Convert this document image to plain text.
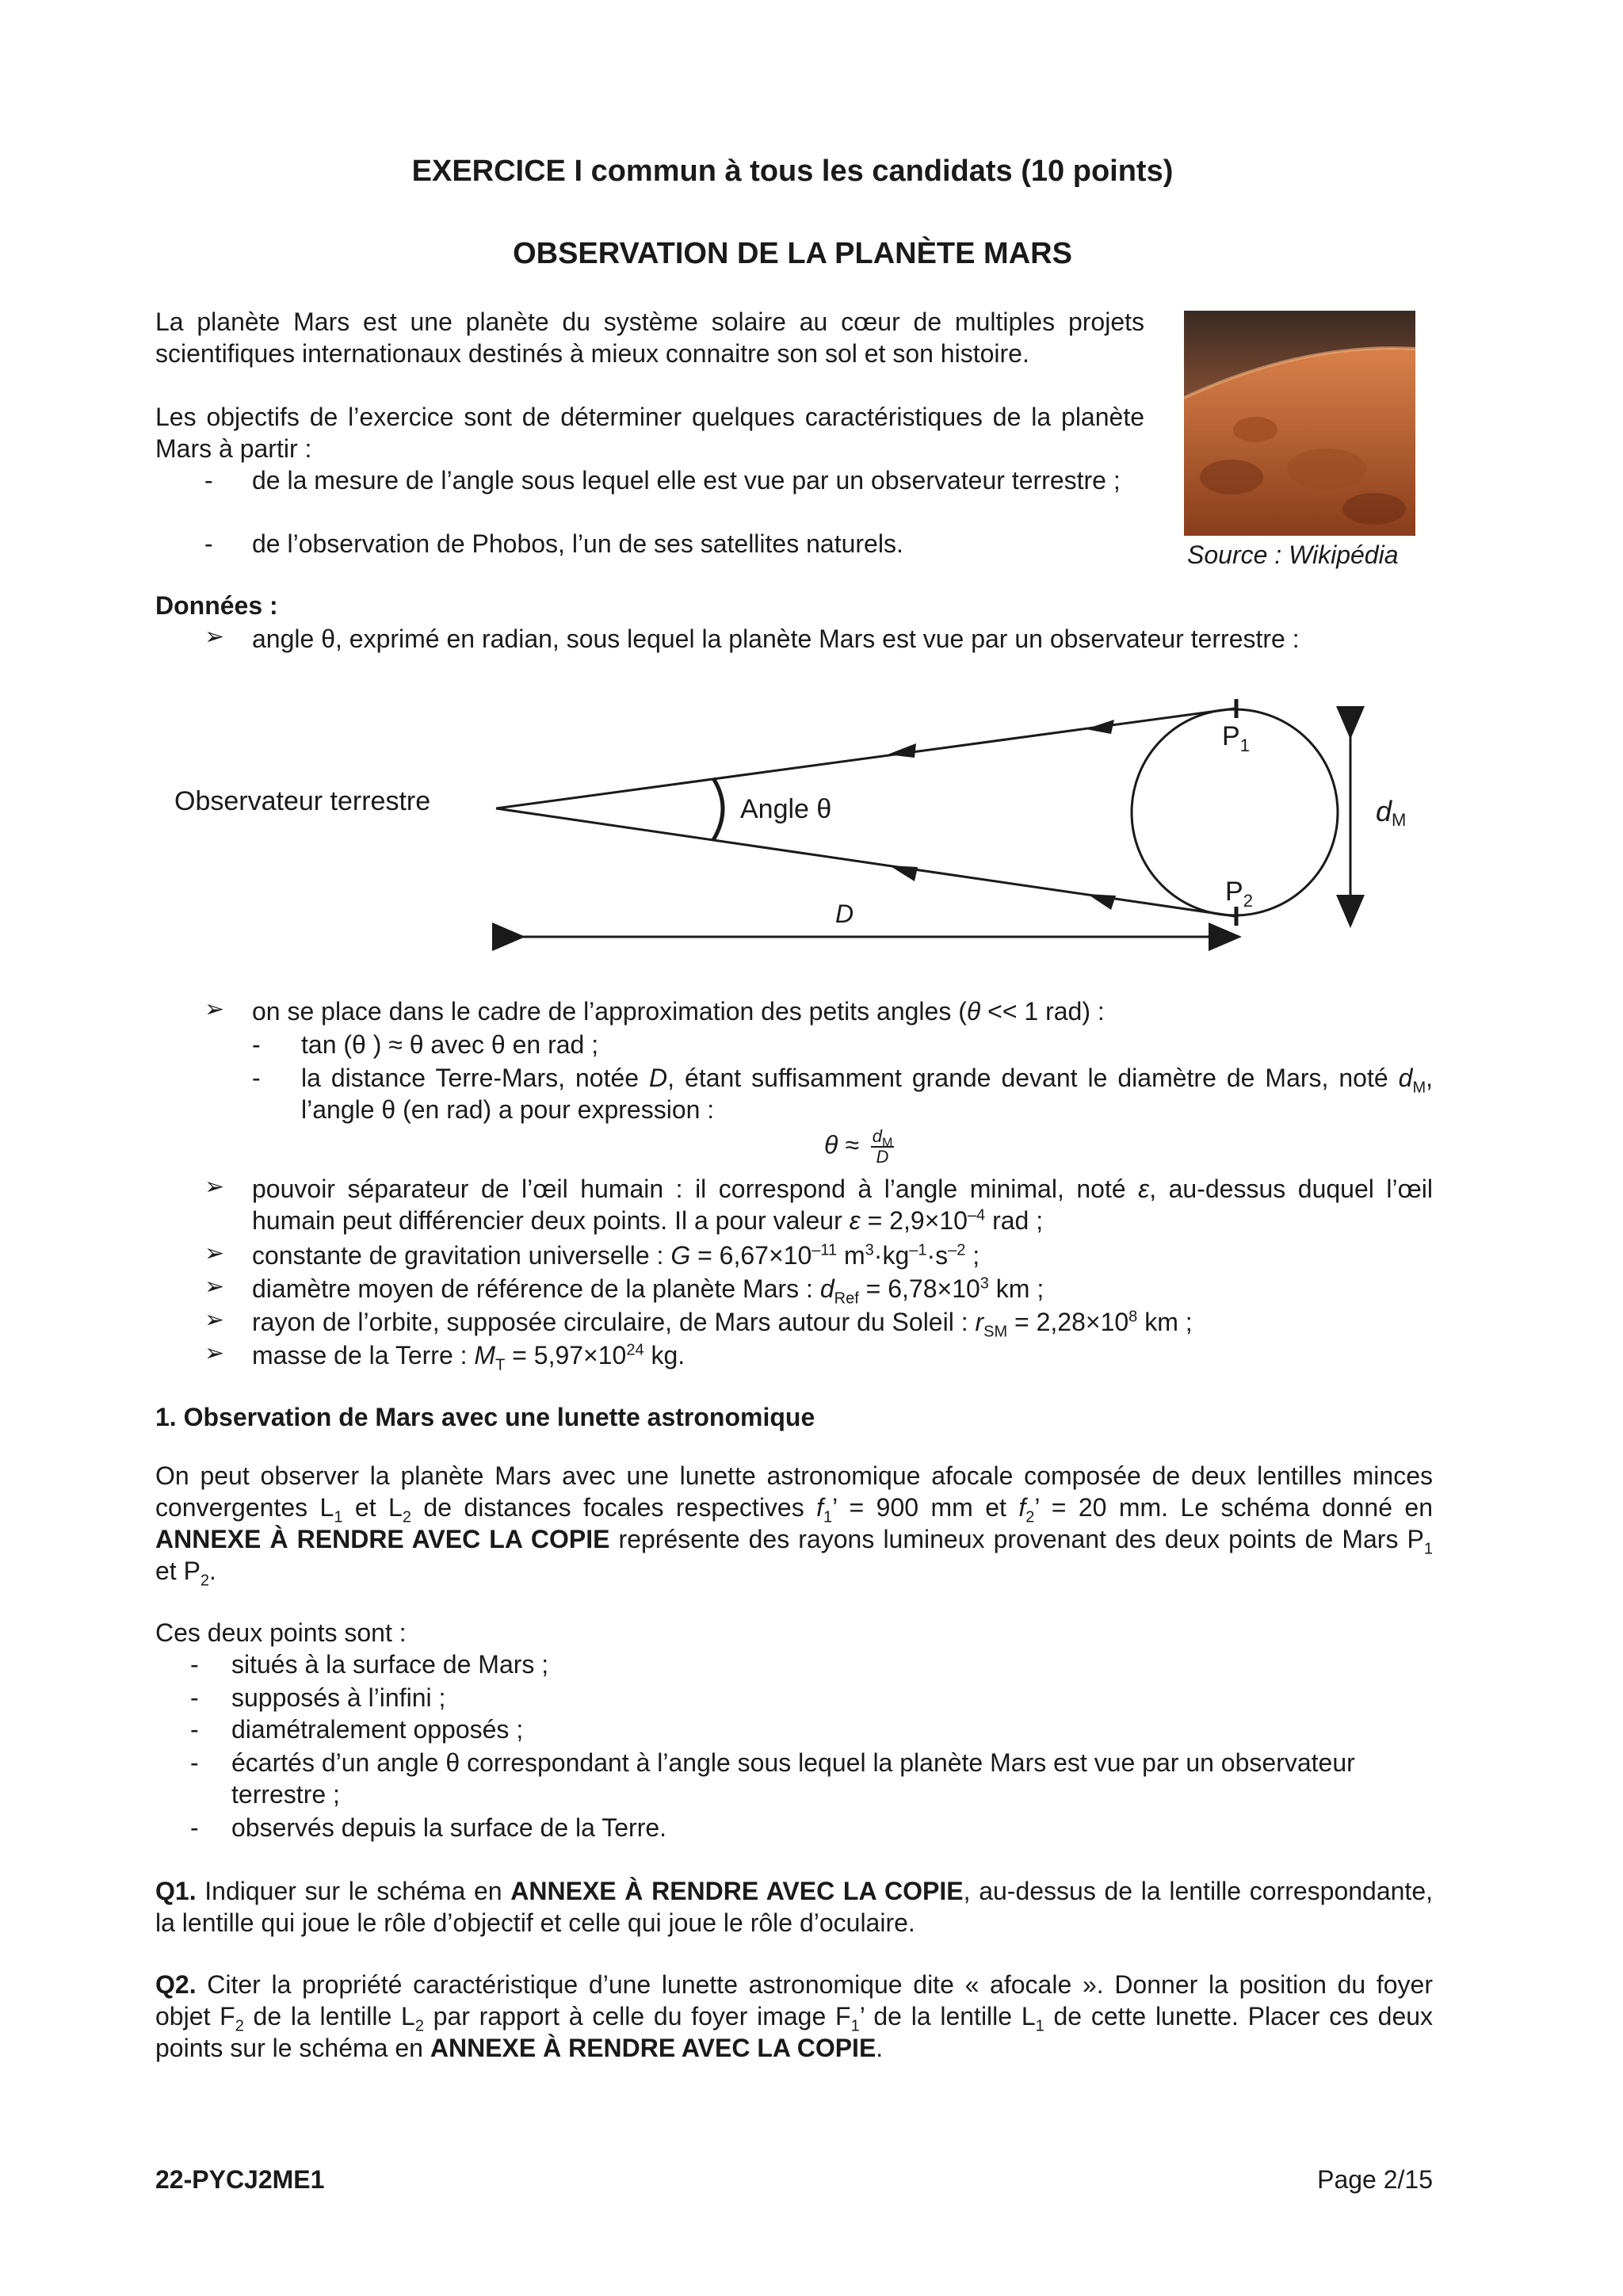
EXERCICE I commun à tous les candidats (10 points)
OBSERVATION DE LA PLANÈTE MARS
La planète Mars est une planète du système solaire au cœur de multiples projets scientifiques internationaux destinés à mieux connaitre son sol et son histoire.
Les objectifs de l’exercice sont de déterminer quelques caractéristiques de la planète Mars à partir :
- de la mesure de l’angle sous lequel elle est vue par un observateur terrestre ;
- de l’observation de Phobos, l’un de ses satellites naturels.	Source : Wikipédia
Données :
➢ angle θ, exprimé en radian, sous lequel la planète Mars est vue par un observateur terrestre :
Observateur terrestre	Angle θ
$P_1$
$P_2$
dM
D
➢ on se place dans le cadre de l’approximation des petits angles (θ << 1 rad) :
- tan (θ ) ≈ θ avec θ en rad ;
- la distance Terre-Mars, notée D, étant suffisamment grande devant le diamètre de Mars, noté $d_M$, l’angle θ (en rad) a pour expression :
$\theta \approx \frac{d_M}{D}$
➢ pouvoir séparateur de l’œil humain : il correspond à l’angle minimal, noté ε, au-dessus duquel l’œil humain peut différencier deux points. Il a pour valeur $\varepsilon = 2,9\times 10^{-4}$ rad ;
➢ constante de gravitation universelle : $G = 6,67\times 10^{-11}$ $m^3\cdot kg^{-1}\cdot s^{-2}$ ;
➢ diamètre moyen de référence de la planète Mars : $d_{Ref} = 6,78\times 10^3$ km ;
➢ rayon de l’orbite, supposée circulaire, de Mars autour du Soleil : $r_{SM} = 2,28\times 10^8$ km ;
➢ masse de la Terre : $M_T = 5,97\times 10^{24}$ kg.
1. Observation de Mars avec une lunette astronomique
On peut observer la planète Mars avec une lunette astronomique afocale composée de deux lentilles minces convergentes $L_1$ et $L_2$ de distances focales respectives $f_1$’ = 900 mm et $f_2$’ = 20 mm. Le schéma donné en ANNEXE À RENDRE AVEC LA COPIE représente des rayons lumineux provenant des deux points de Mars $P_1$ et $P_2$.
Ces deux points sont :
- situés à la surface de Mars ;
- supposés à l’infini ;
- diamétralement opposés ;
- écartés d’un angle θ correspondant à l’angle sous lequel la planète Mars est vue par un observateur terrestre ;
- observés depuis la surface de la Terre.
Q1. Indiquer sur le schéma en ANNEXE À RENDRE AVEC LA COPIE, au-dessus de la lentille correspondante, la lentille qui joue le rôle d’objectif et celle qui joue le rôle d’oculaire.
Q2. Citer la propriété caractéristique d’une lunette astronomique dite « afocale ». Donner la position du foyer objet $F_2$ de la lentille $L_2$ par rapport à celle du foyer image $F_1$’ de la lentille $L_1$ de cette lunette. Placer ces deux points sur le schéma en ANNEXE À RENDRE AVEC LA COPIE.
22-PYCJ2ME1	Page 2/15
